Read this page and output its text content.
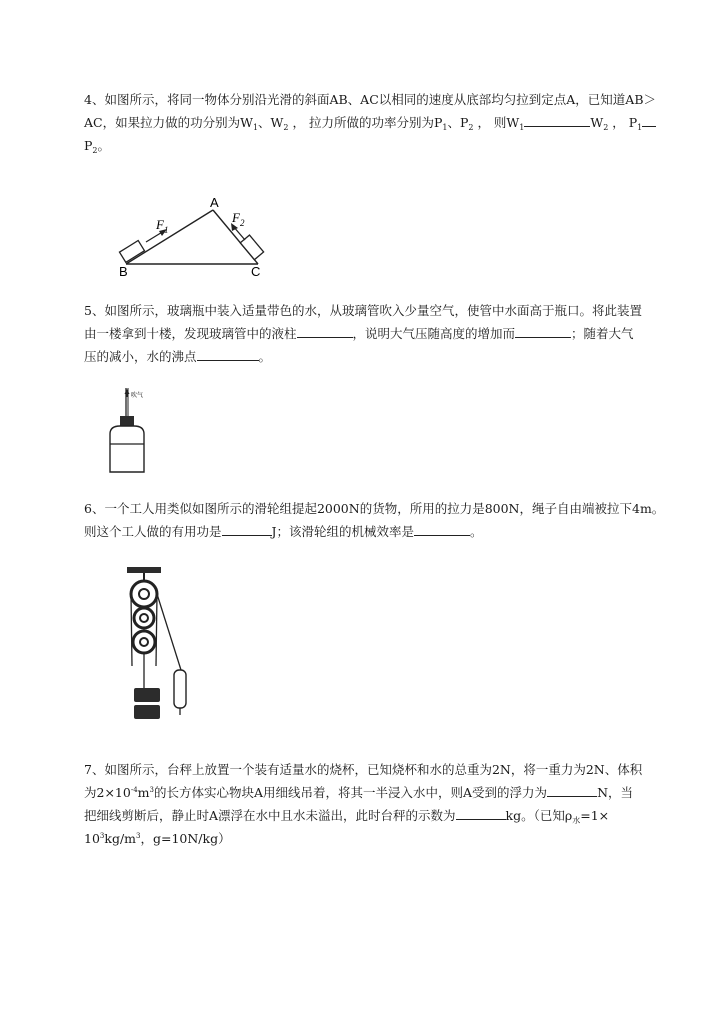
4、如图所示，将同一物体分别沿光滑的斜面AB、AC以相同的速度从底部均匀拉到定点A，已知道AB＞
AC，如果拉力做的功分别为$W_1$、$W_2$ ， 拉力所做的功率分别为$P_1$、$P_2$ ， 则$W_1$	$W_2$ ， $P_1$
$P_2$。
A
B	C
$F_1$
$F_2$
5、如图所示，玻璃瓶中装入适量带色的水，从玻璃管吹入少量空气，使管中水面高于瓶口。将此装置
由一楼拿到十楼，发现玻璃管中的液柱	，说明大气压随高度的增加而	；随着大气
压的减小，水的沸点	。
吹气
6、一个工人用类似如图所示的滑轮组提起2000N的货物，所用的拉力是800N，绳子自由端被拉下4m。
则这个工人做的有用功是	J；该滑轮组的机械效率是	。
7、如图所示，台秤上放置一个装有适量水的烧杯，已知烧杯和水的总重为2N，将一重力为2N、体积
为$2\times 10^{-4}m^3$的长方体实心物块A用细线吊着，将其一半浸入水中，则A受到的浮力为	N，当
把细线剪断后，静止时A漂浮在水中且水未溢出，此时台秤的示数为	kg。（已知$\rho_水=1\times$
$10^3kg/m^3$，g=10N/kg）
